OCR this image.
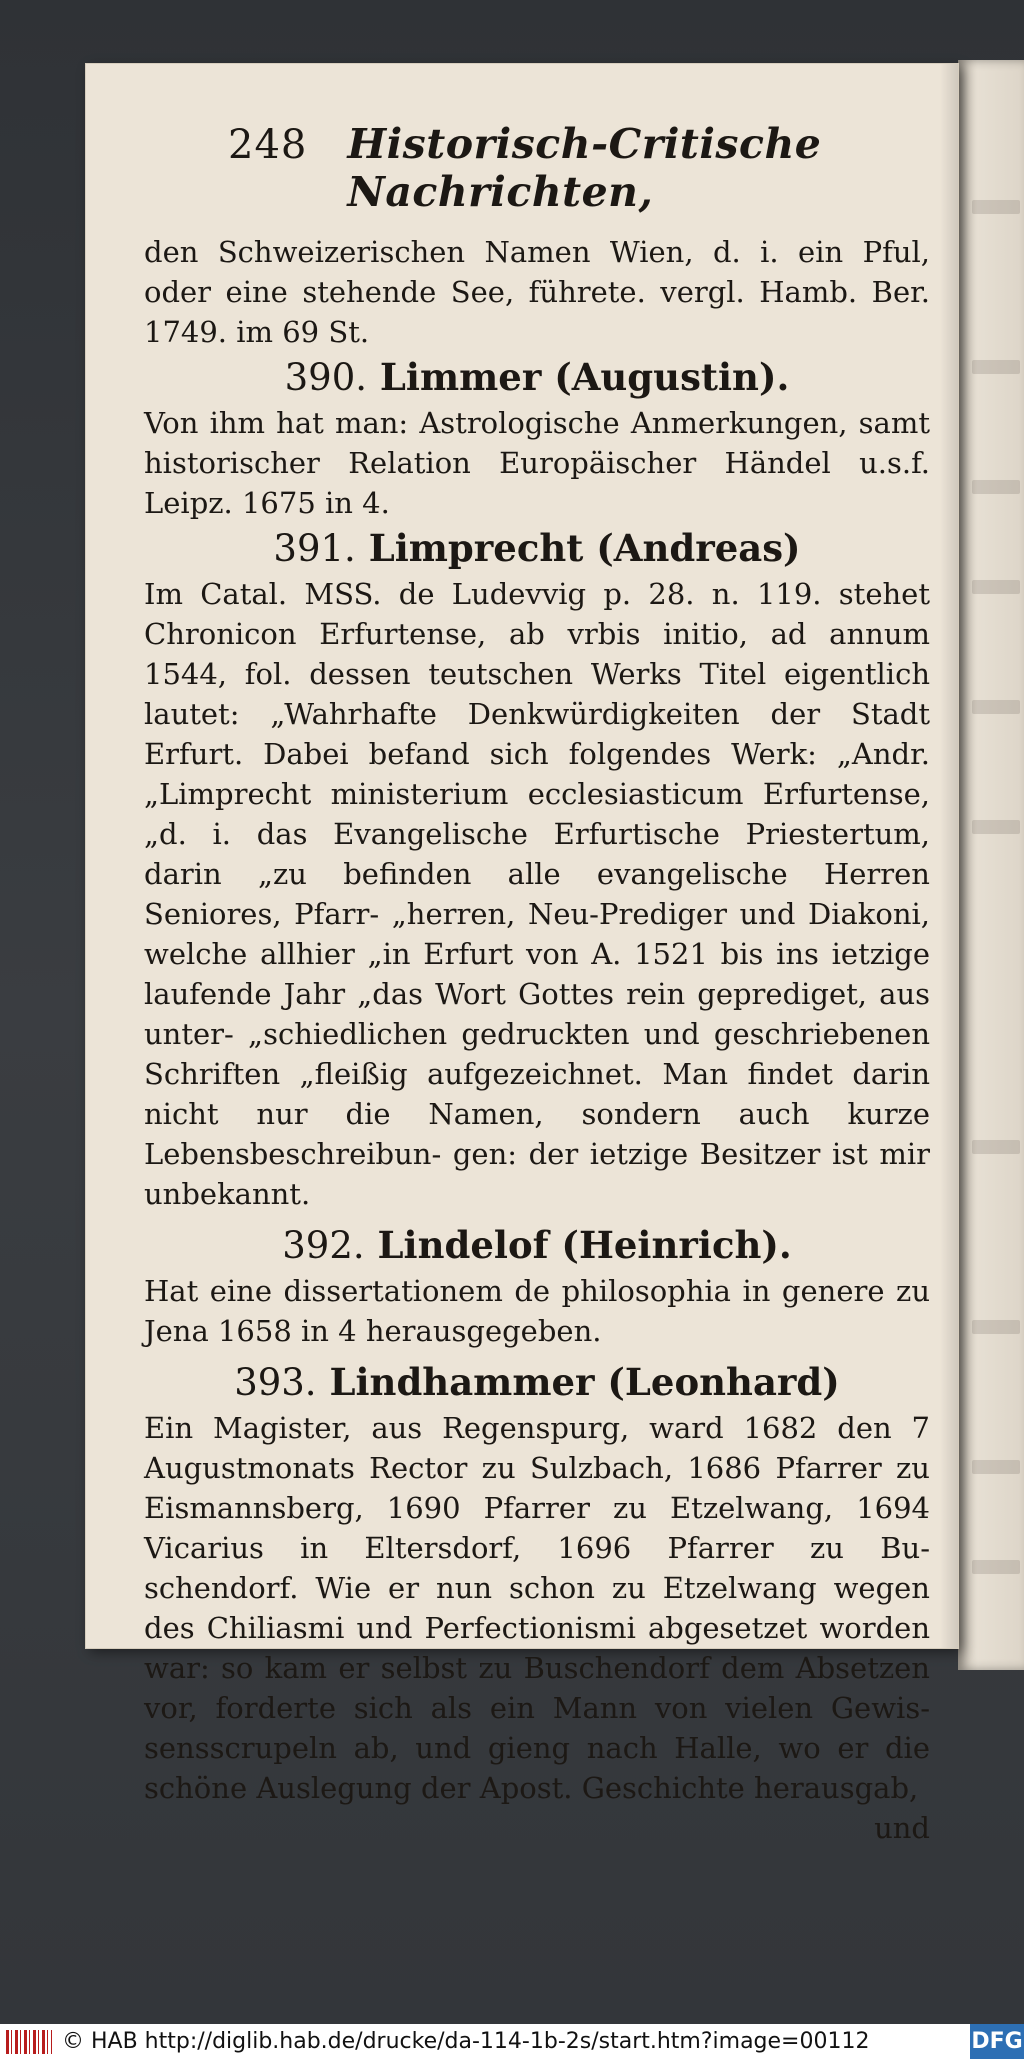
248 Historisch-Critische Nachrichten,

den Schweizerischen Namen Wien, d. i. ein Pful, oder eine stehende See, führete. vergl. Hamb. Ber. 1749. im 69 St.

390. Limmer (Augustin).

Von ihm hat man: Astrologische Anmerkungen, samt historischer Relation Europäischer Händel u.s.f. Leipz. 1675 in 4.

391. Limprecht (Andreas)

Im Catal. MSS. de Ludevvig p. 28. n. 119. stehet Chronicon Erfurtense, ab vrbis initio, ad annum 1544, fol. dessen teutschen Werks Titel eigentlich lautet: „Wahrhafte Denkwürdigkeiten der Stadt Erfurt. Dabei befand sich folgendes Werk: „Andr. „Limprecht ministerium ecclesiasticum Erfurtense, „d. i. das Evangelische Erfurtische Priestertum, darin „zu befinden alle evangelische Herren Seniores, Pfarr- „herren, Neu-Prediger und Diakoni, welche allhier „in Erfurt von A. 1521 bis ins ietzige laufende Jahr „das Wort Gottes rein geprediget, aus unter- „schiedlichen gedruckten und geschriebenen Schriften „fleißig aufgezeichnet. Man findet darin nicht nur die Namen, sondern auch kurze Lebensbeschreibun- gen: der ietzige Besitzer ist mir unbekannt.

392. Lindelof (Heinrich).

Hat eine dissertationem de philosophia in genere zu Jena 1658 in 4 herausgegeben.

393. Lindhammer (Leonhard)

Ein Magister, aus Regenspurg, ward 1682 den 7 Augustmonats Rector zu Sulzbach, 1686 Pfarrer zu Eismannsberg, 1690 Pfarrer zu Etzelwang, 1694 Vicarius in Eltersdorf, 1696 Pfarrer zu Bu- schendorf. Wie er nun schon zu Etzelwang wegen des Chiliasmi und Perfectionismi abgesetzet worden war: so kam er selbst zu Buschendorf dem Absetzen vor, forderte sich als ein Mann von vielen Gewis- sensscrupeln ab, und gieng nach Halle, wo er die schöne Auslegung der Apost. Geschichte herausgab,

und
© HAB http://diglib.hab.de/drucke/da-114-1b-2s/start.htm?image=00112	DFG
